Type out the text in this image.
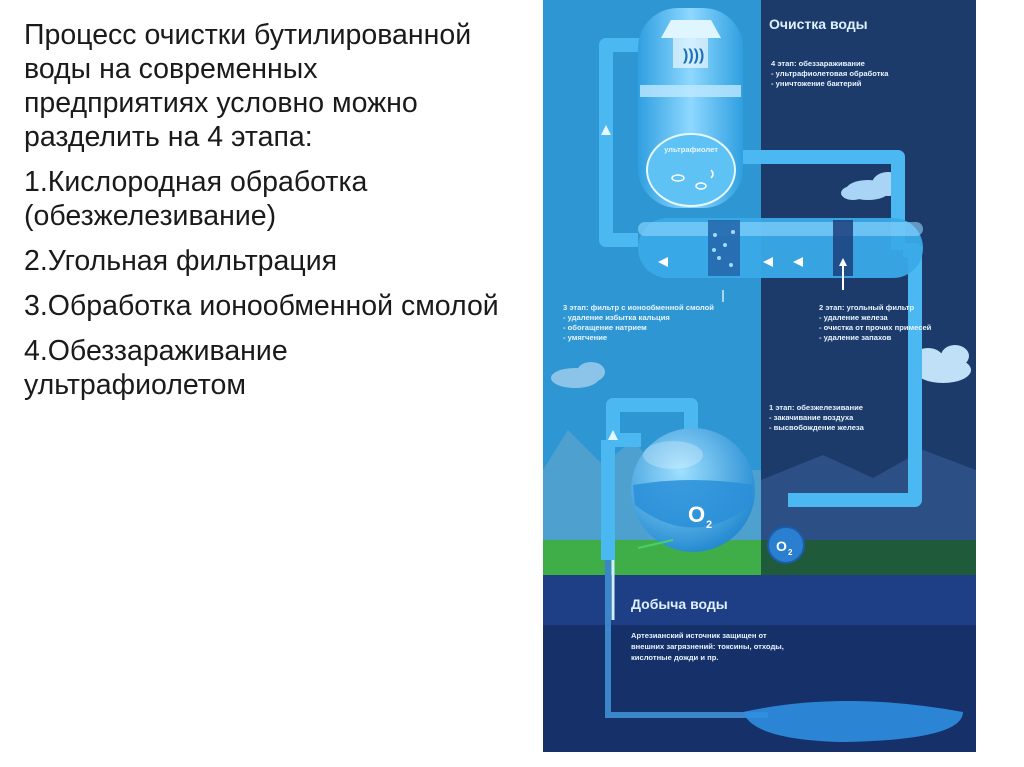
Процесс очистки бутилированной воды на современных предприятиях условно можно разделить на 4 этапа:

1.Кислородная обработка (обезжелезивание)

2.Угольная фильтрация

3.Обработка ионообменной смолой

4.Обеззараживание ультрафиолетом

))))
ультрафиолет
O 2
O 2
Очистка воды
Добыча воды
4 этап: обеззараживание
- ультрафиолетовая обработка
- уничтожение бактерий
3 этап: фильтр с ионообменной смолой
- удаление избытка кальция
- обогащение натрием
- умягчение
2 этап: угольный фильтр
- удаление железа
- очистка от прочих примесей
- удаление запахов
1 этап: обезжелезивание
- закачивание воздуха
- высвобождение железа
Артезианский источник защищен от
внешних загрязнений: токсины, отходы,
кислотные дожди и пр.
